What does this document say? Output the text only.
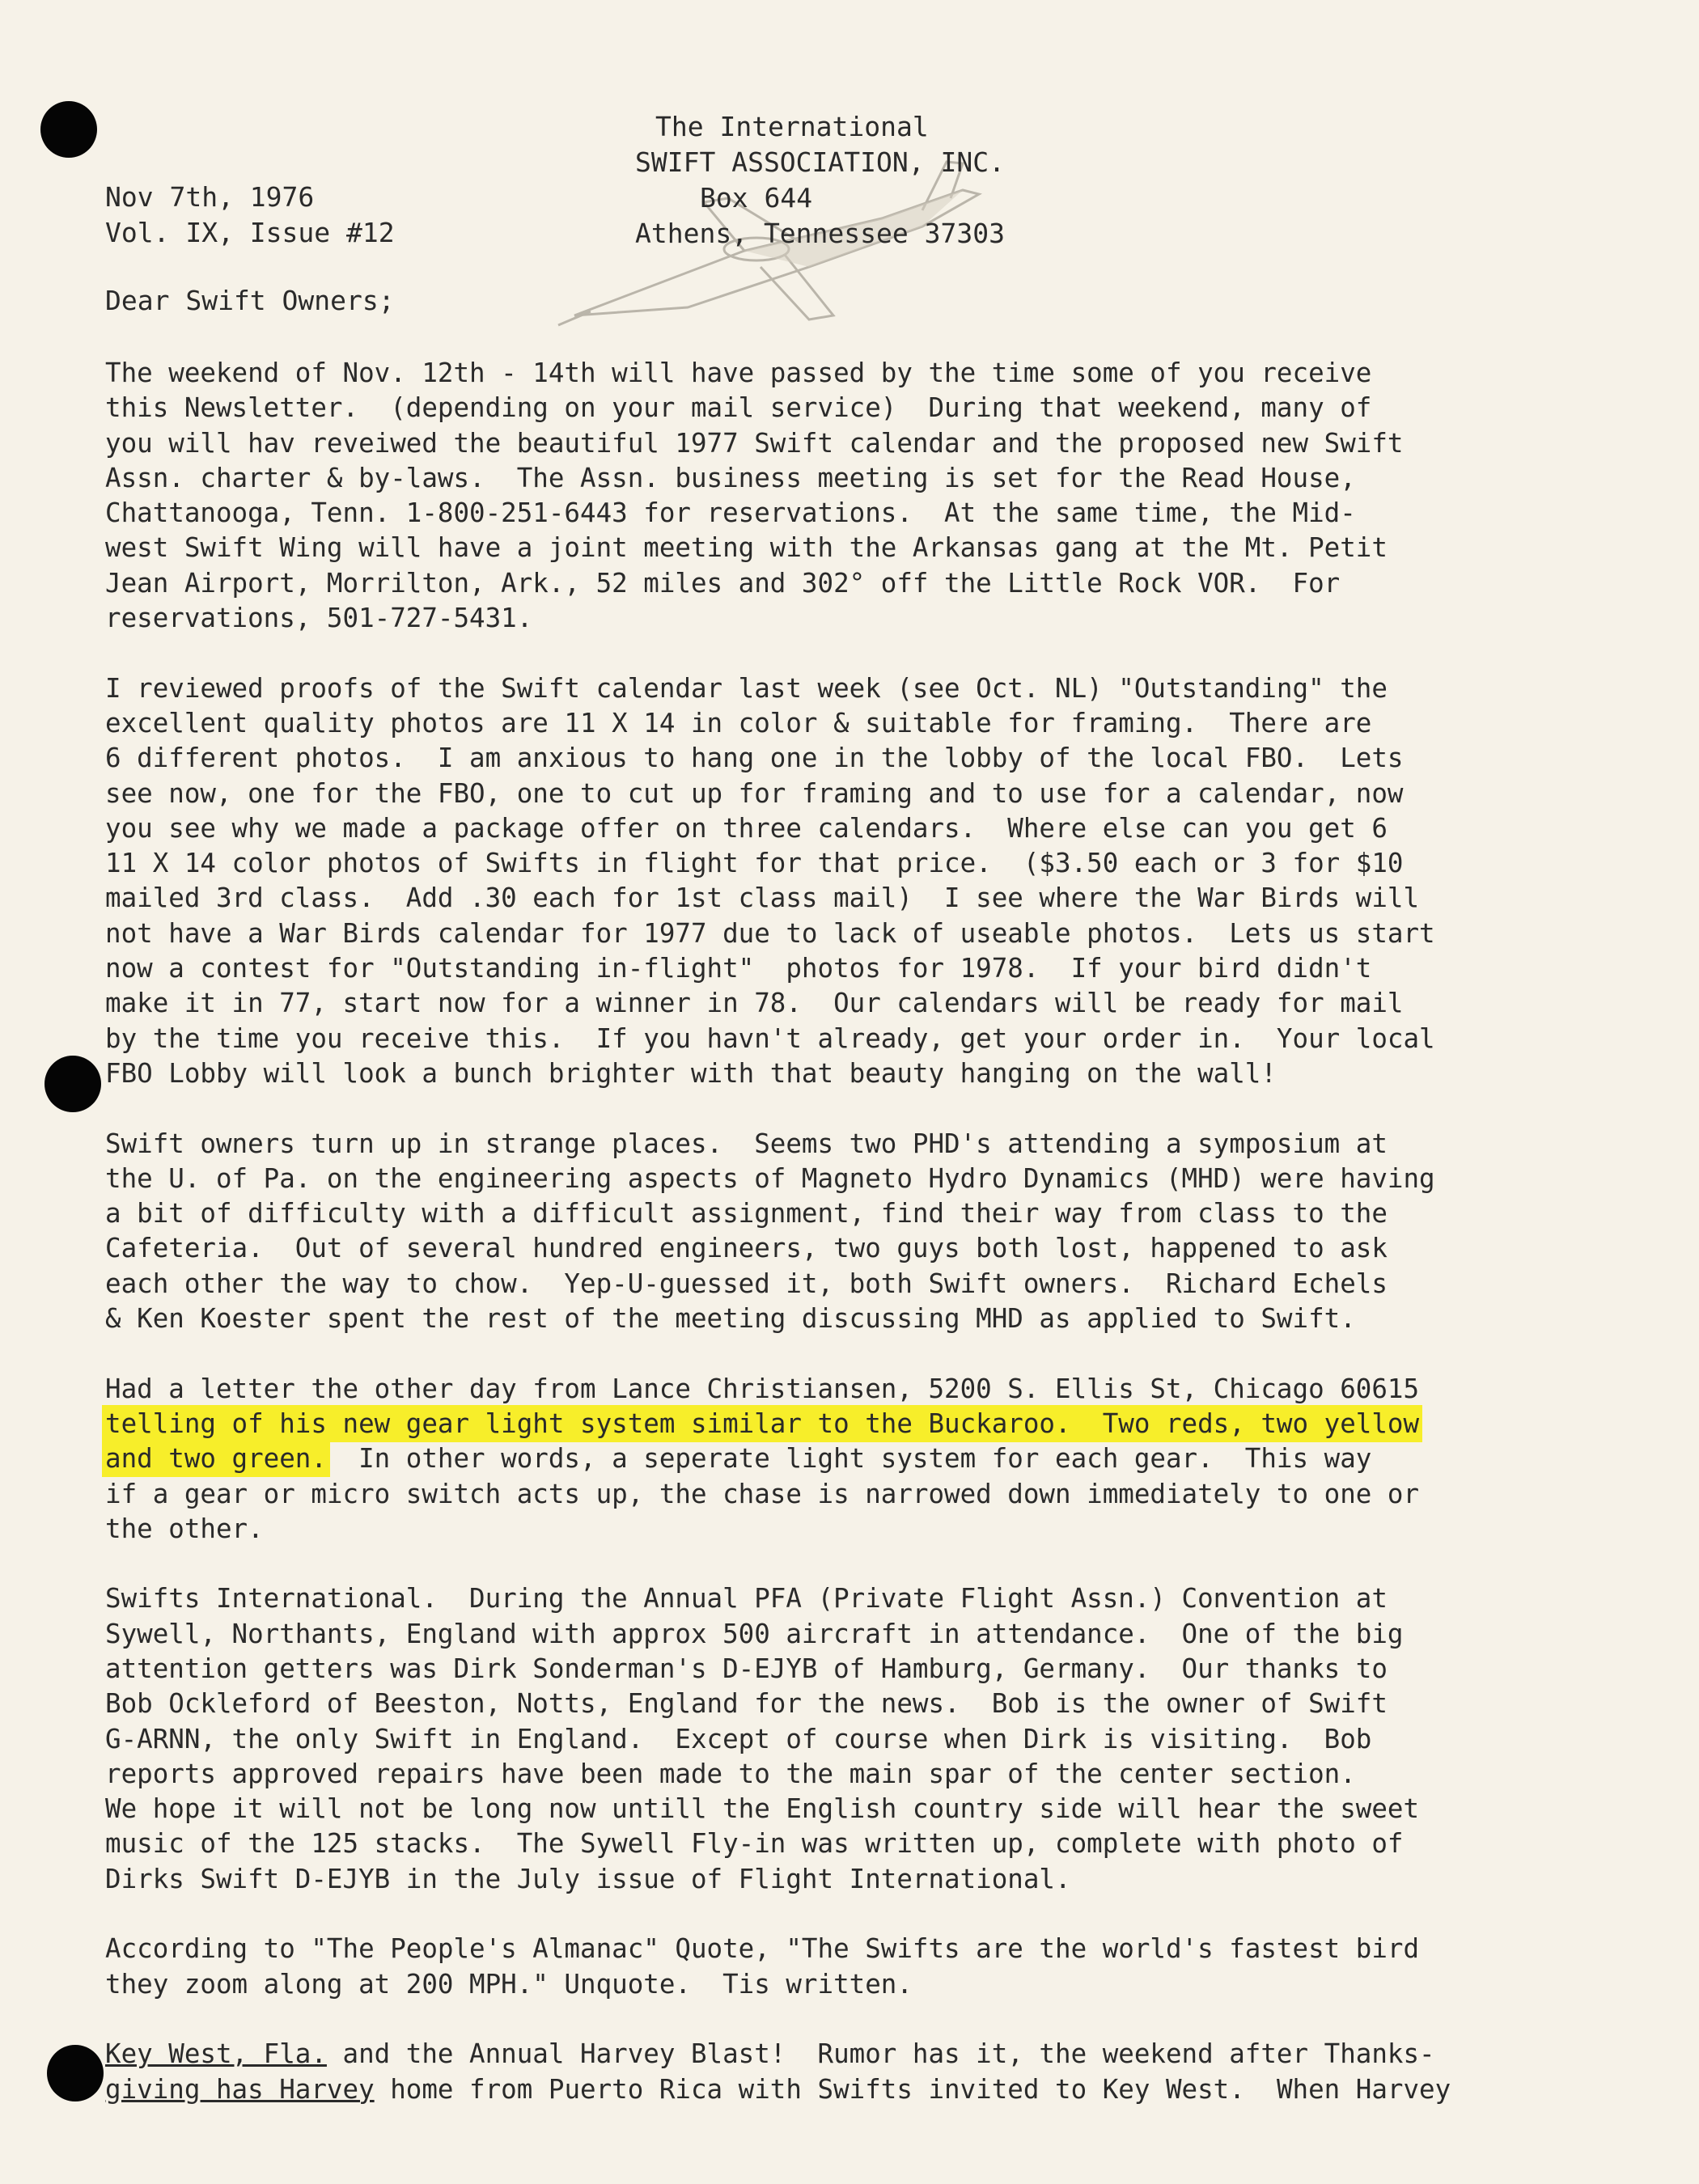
The International
SWIFT ASSOCIATION, INC.
Box 644
Athens, Tennessee 37303
Nov 7th, 1976
Vol. IX, Issue #12
Dear Swift Owners;
The weekend of Nov. 12th - 14th will have passed by the time some of you receive
this Newsletter.  (depending on your mail service)  During that weekend, many of
you will hav reveiwed the beautiful 1977 Swift calendar and the proposed new Swift
Assn. charter & by-laws.  The Assn. business meeting is set for the Read House,
Chattanooga, Tenn. 1-800-251-6443 for reservations.  At the same time, the Mid-
west Swift Wing will have a joint meeting with the Arkansas gang at the Mt. Petit
Jean Airport, Morrilton, Ark., 52 miles and 302° off the Little Rock VOR.  For
reservations, 501-727-5431.
I reviewed proofs of the Swift calendar last week (see Oct. NL) "Outstanding" the
excellent quality photos are 11 X 14 in color & suitable for framing.  There are
6 different photos.  I am anxious to hang one in the lobby of the local FBO.  Lets
see now, one for the FBO, one to cut up for framing and to use for a calendar, now
you see why we made a package offer on three calendars.  Where else can you get 6
11 X 14 color photos of Swifts in flight for that price.  ($3.50 each or 3 for $10
mailed 3rd class.  Add .30 each for 1st class mail)  I see where the War Birds will
not have a War Birds calendar for 1977 due to lack of useable photos.  Lets us start
now a contest for "Outstanding in-flight"  photos for 1978.  If your bird didn't
make it in 77, start now for a winner in 78.  Our calendars will be ready for mail
by the time you receive this.  If you havn't already, get your order in.  Your local
FBO Lobby will look a bunch brighter with that beauty hanging on the wall!
Swift owners turn up in strange places.  Seems two PHD's attending a symposium at
the U. of Pa. on the engineering aspects of Magneto Hydro Dynamics (MHD) were having
a bit of difficulty with a difficult assignment, find their way from class to the
Cafeteria.  Out of several hundred engineers, two guys both lost, happened to ask
each other the way to chow.  Yep-U-guessed it, both Swift owners.  Richard Echels
& Ken Koester spent the rest of the meeting discussing MHD as applied to Swift.
Had a letter the other day from Lance Christiansen, 5200 S. Ellis St, Chicago 60615
telling of his new gear light system similar to the Buckaroo.  Two reds, two yellow
and two green.  In other words, a seperate light system for each gear.  This way
if a gear or micro switch acts up, the chase is narrowed down immediately to one or
the other.
Swifts International.  During the Annual PFA (Private Flight Assn.) Convention at
Sywell, Northants, England with approx 500 aircraft in attendance.  One of the big
attention getters was Dirk Sonderman's D-EJYB of Hamburg, Germany.  Our thanks to
Bob Ockleford of Beeston, Notts, England for the news.  Bob is the owner of Swift
G-ARNN, the only Swift in England.  Except of course when Dirk is visiting.  Bob
reports approved repairs have been made to the main spar of the center section.
We hope it will not be long now untill the English country side will hear the sweet
music of the 125 stacks.  The Sywell Fly-in was written up, complete with photo of
Dirks Swift D-EJYB in the July issue of Flight International.
According to "The People's Almanac" Quote, "The Swifts are the world's fastest bird
they zoom along at 200 MPH." Unquote.  Tis written.
Key West, Fla. and the Annual Harvey Blast!  Rumor has it, the weekend after Thanks-
giving has Harvey home from Puerto Rica with Swifts invited to Key West.  When Harvey
